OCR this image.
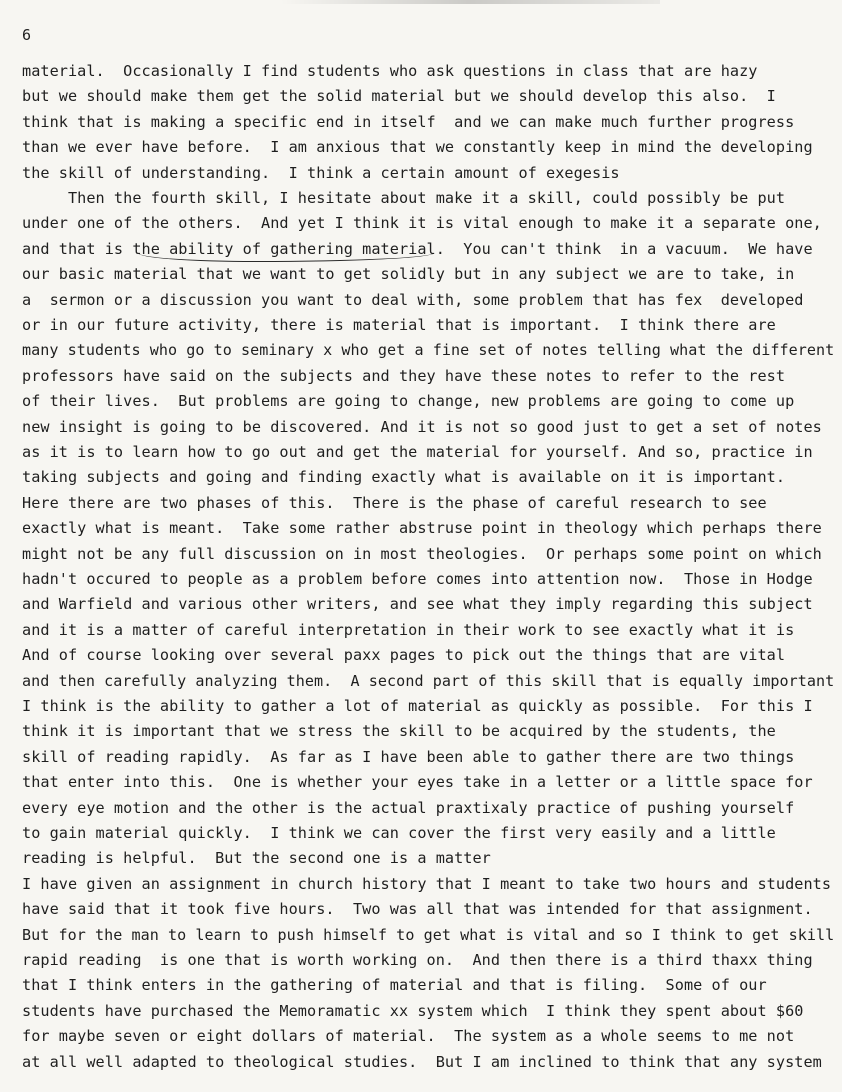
6
material.  Occasionally I find students who ask questions in class that are hazy
but we should make them get the solid material but we should develop this also.  I
think that is making a specific end in itself  and we can make much further progress
than we ever have before.  I am anxious that we constantly keep in mind the developing
the skill of understanding.  I think a certain amount of exegesis
Then the fourth skill, I hesitate about make it a skill, could possibly be put
under one of the others.  And yet I think it is vital enough to make it a separate one,
and that is the ability of gathering material.  You can't think  in a vacuum.  We have
our basic material that we want to get solidly but in any subject we are to take, in
a  sermon or a discussion you want to deal with, some problem that has fex  developed
or in our future activity, there is material that is important.  I think there are
many students who go to seminary x who get a fine set of notes telling what the different
professors have said on the subjects and they have these notes to refer to the rest
of their lives.  But problems are going to change, new problems are going to come up
new insight is going to be discovered. And it is not so good just to get a set of notes
as it is to learn how to go out and get the material for yourself. And so, practice in
taking subjects and going and finding exactly what is available on it is important.
Here there are two phases of this.  There is the phase of careful research to see
exactly what is meant.  Take some rather abstruse point in theology which perhaps there
might not be any full discussion on in most theologies.  Or perhaps some point on which
hadn't occured to people as a problem before comes into attention now.  Those in Hodge
and Warfield and various other writers, and see what they imply regarding this subject
and it is a matter of careful interpretation in their work to see exactly what it is
And of course looking over several paxx pages to pick out the things that are vital
and then carefully analyzing them.  A second part of this skill that is equally important
I think is the ability to gather a lot of material as quickly as possible.  For this I
think it is important that we stress the skill to be acquired by the students, the
skill of reading rapidly.  As far as I have been able to gather there are two things
that enter into this.  One is whether your eyes take in a letter or a little space for
every eye motion and the other is the actual praxtixaly practice of pushing yourself
to gain material quickly.  I think we can cover the first very easily and a little
reading is helpful.  But the second one is a matter
I have given an assignment in church history that I meant to take two hours and students
have said that it took five hours.  Two was all that was intended for that assignment.
But for the man to learn to push himself to get what is vital and so I think to get skill
rapid reading  is one that is worth working on.  And then there is a third thaxx thing
that I think enters in the gathering of material and that is filing.  Some of our
students have purchased the Memoramatic xx system which  I think they spent about $60
for maybe seven or eight dollars of material.  The system as a whole seems to me not
at all well adapted to theological studies.  But I am inclined to think that any system
